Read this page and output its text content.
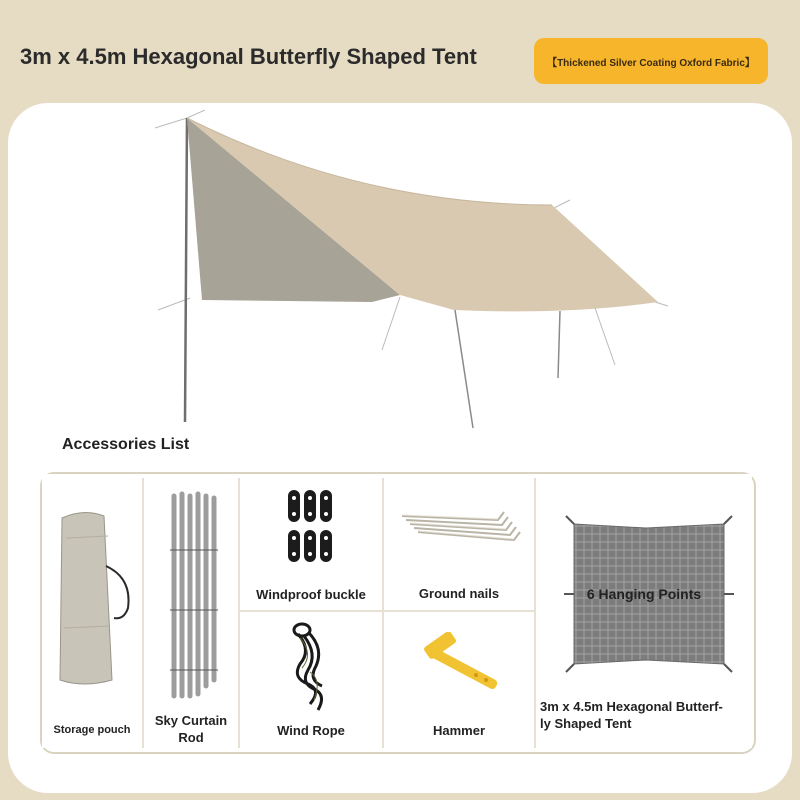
3m x 4.5m Hexagonal Butterfly Shaped Tent	【Thickened Silver Coating Oxford Fabric】
Accessories List
Storage pouch
Sky Curtain
Rod
Windproof buckle	Ground nails
Wind Rope	Hammer
6 Hanging Points
3m x 4.5m Hexagonal Butterf-
ly Shaped Tent
